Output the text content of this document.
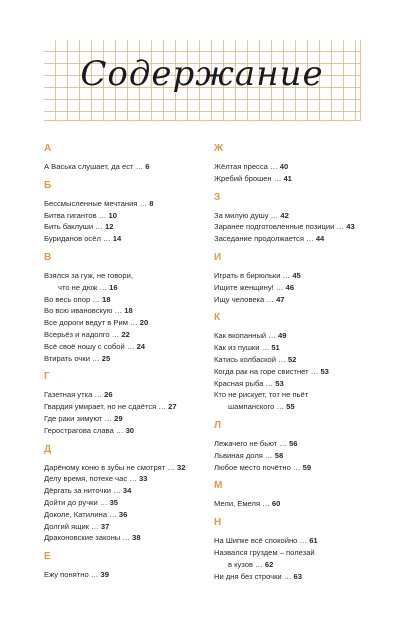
Содержание
А
А Васька слушает, да ест … 6
Б
Бессмысленные мечтания … 8
Битва гигантов … 10
Бить баклуши … 12
Буриданов осёл … 14
В
Взялся за гуж, не говори,
что не дюж … 16
Во весь опор … 18
Во всю ивановскую … 18
Все дороги ведут в Рим … 20
Всерьёз и надолго … 22
Всё своё ношу с собой … 24
Втирать очки … 25
Г
Газетная утка … 26
Гвардия умирает, но не сдаётся … 27
Где раки зимуют … 29
Герострагова слава … 30
Д
Дарёному коню в зубы не смотрят … 32
Делу время, потехе час … 33
Дёргать за ниточки … 34
Дойти до ручки … 35
Доколе, Катилина … 36
Долгий ящик … 37
Драконовские законы … 38
Е
Ежу понятно … 39
Ж
Жёлтая пресса … 40
Жребий брошен … 41
З
За милую душу … 42
Заранее подготовленные позиции … 43
Заседание продолжается … 44
И
Играть в бирюльки … 45
Ищите женщину! … 46
Ищу человека … 47
К
Как вкопанный … 49
Как из пушки … 51
Катись колбаской … 52
Когда рак на горе свистнет … 53
Красная рыба … 53
Кто не рискует, тот не пьёт
шампанского … 55
Л
Лежачего не бьют … 56
Львиная доля … 58
Любое место почётно … 59
М
Мели, Емеля … 60
Н
На Шипке всё спокойно … 61
Назвался груздем – полезай
в кузов … 62
Ни дня без строчки … 63
